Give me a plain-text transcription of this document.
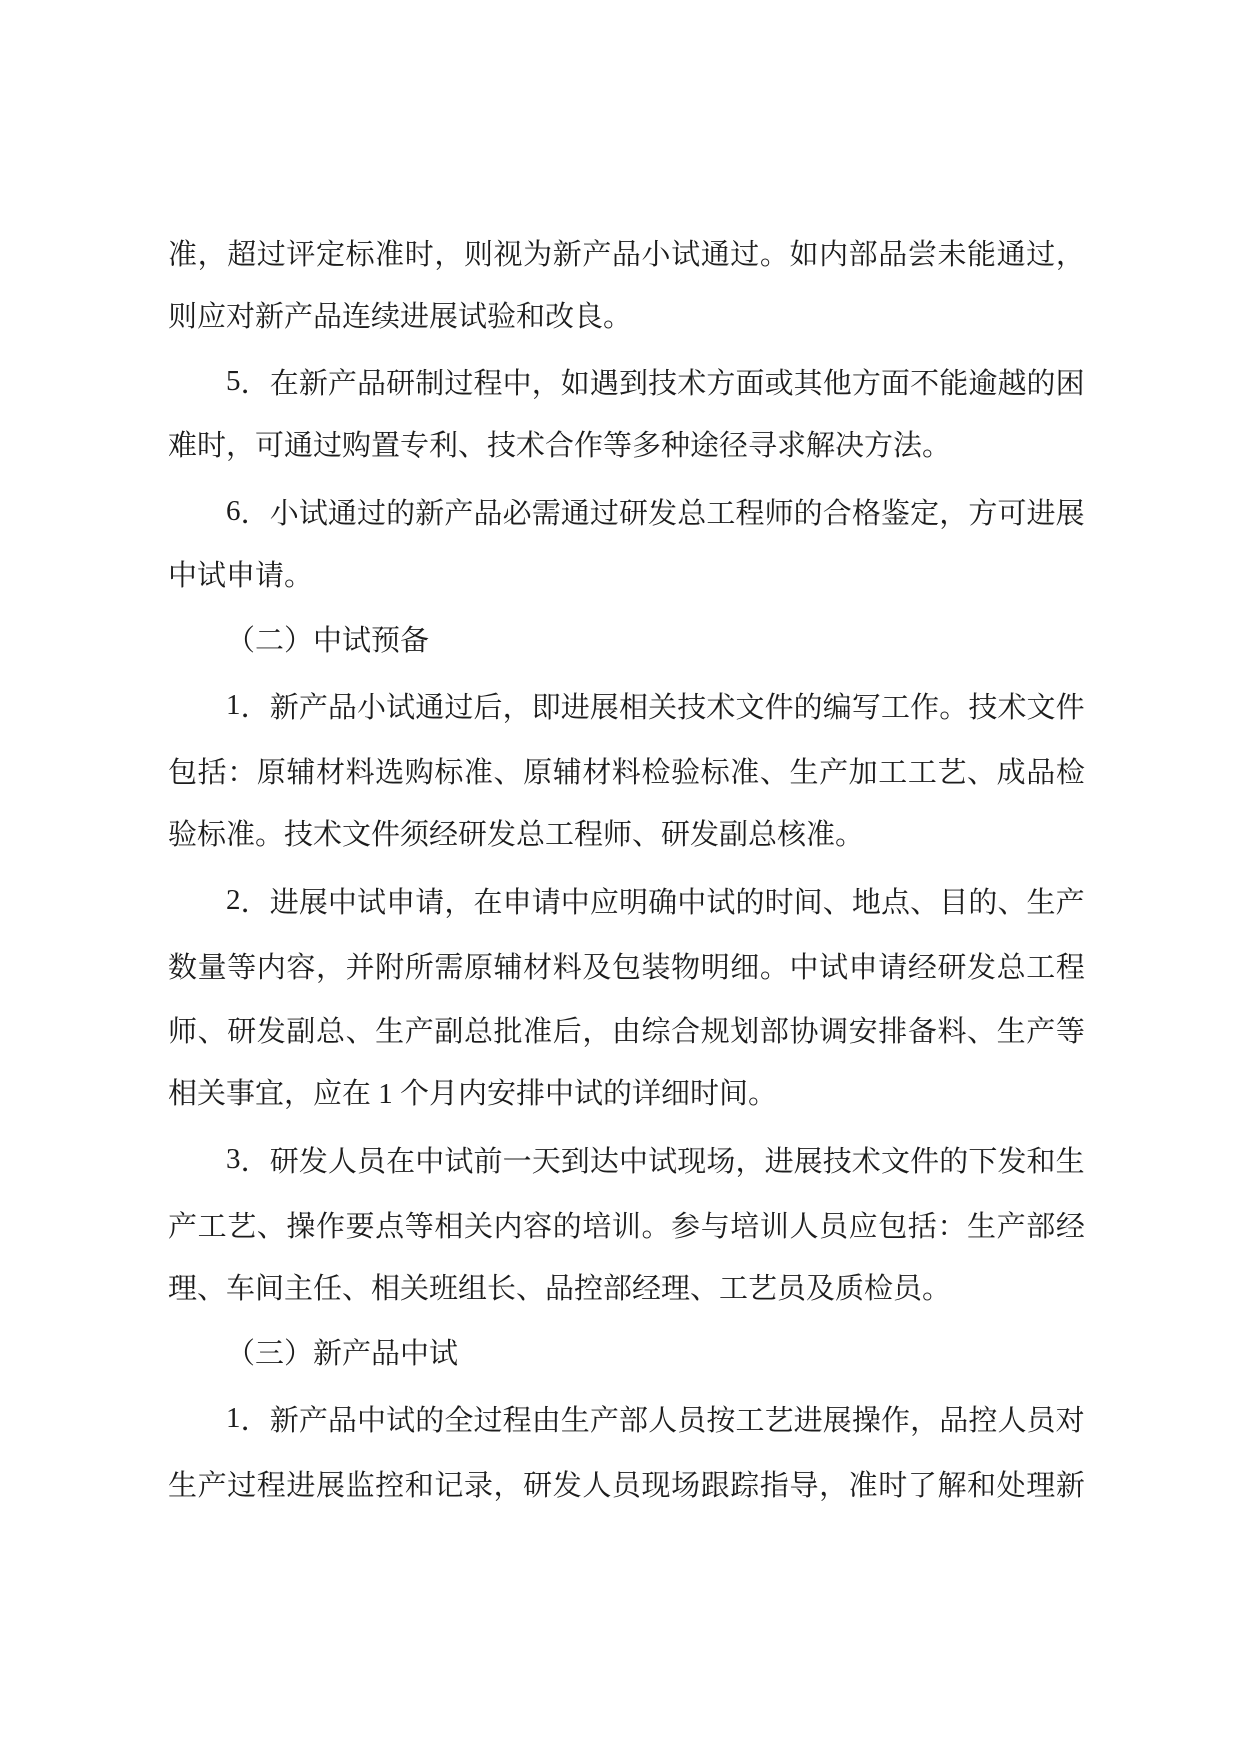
准 ， 超 过 评 定 标 准 时 ， 则 视 为 新 产 品 小 试 通 过 。 如 内 部 品 尝 未 能 通 过 ，
则应对新产品连续进展试验和改良。
5 ． 在 新 产 品 研 制 过 程 中 ， 如 遇 到 技 术 方 面 或 其 他 方 面 不 能 逾 越 的 困
难时，可通过购置专利、技术合作等多种途径寻求解决方法。
6 ． 小 试 通 过 的 新 产 品 必 需 通 过 研 发 总 工 程 师 的 合 格 鉴 定 ， 方 可 进 展
中试申请。
（二）中试预备
1 ． 新 产 品 小 试 通 过 后 ， 即 进 展 相 关 技 术 文 件 的 编 写 工 作 。 技 术 文 件
包 括 ： 原 辅 材 料 选 购 标 准 、 原 辅 材 料 检 验 标 准 、 生 产 加 工 工 艺 、 成 品 检
验标准。技术文件须经研发总工程师、研发副总核准。
2 ． 进 展 中 试 申 请 ， 在 申 请 中 应 明 确 中 试 的 时 间 、 地 点 、 目 的 、 生 产
数 量 等 内 容 ， 并 附 所 需 原 辅 材 料 及 包 装 物 明 细 。 中 试 申 请 经 研 发 总 工 程
师 、 研 发 副 总 、 生 产 副 总 批 准 后 ， 由 综 合 规 划 部 协 调 安 排 备 料 、 生 产 等
相关事宜，应在 1 个月内安排中试的详细时间。
3 ． 研 发 人 员 在 中 试 前 一 天 到 达 中 试 现 场 ， 进 展 技 术 文 件 的 下 发 和 生
产 工 艺 、 操 作 要 点 等 相 关 内 容 的 培 训 。 参 与 培 训 人 员 应 包 括 ： 生 产 部 经
理、车间主任、相关班组长、品控部经理、工艺员及质检员。
（三）新产品中试
1 ． 新 产 品 中 试 的 全 过 程 由 生 产 部 人 员 按 工 艺 进 展 操 作 ， 品 控 人 员 对
生 产 过 程 进 展 监 控 和 记 录 ， 研 发 人 员 现 场 跟 踪 指 导 ， 准 时 了 解 和 处 理 新
